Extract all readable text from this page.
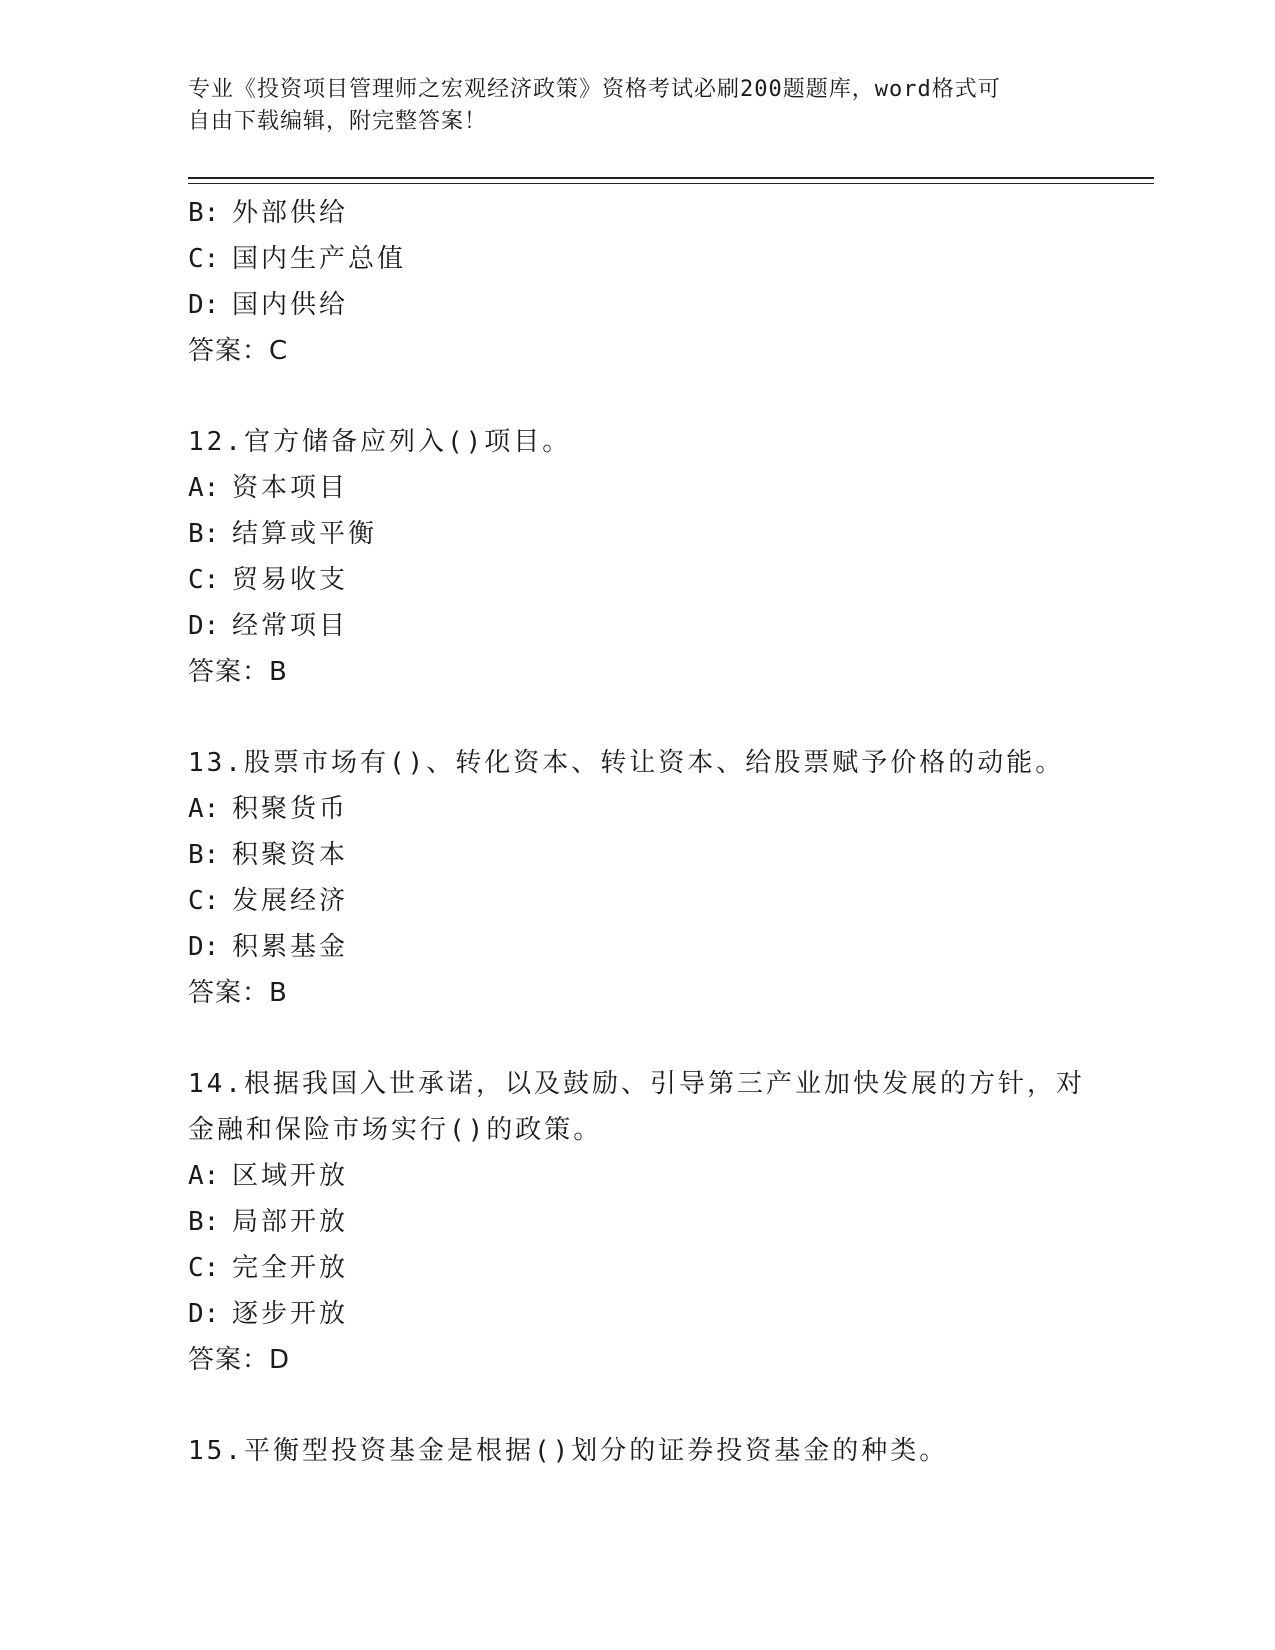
专业《投资项目管理师之宏观经济政策》资格考试必刷200题题库，word格式可
自由下载编辑，附完整答案！
B: 外部供给
C: 国内生产总值
D: 国内供给
答案：C
12.官方储备应列入()项目。
A: 资本项目
B: 结算或平衡
C: 贸易收支
D: 经常项目
答案：B
13.股票市场有()、转化资本、转让资本、给股票赋予价格的动能。
A: 积聚货币
B: 积聚资本
C: 发展经济
D: 积累基金
答案：B
14.根据我国入世承诺，以及鼓励、引导第三产业加快发展的方针，对
金融和保险市场实行()的政策。
A: 区域开放
B: 局部开放
C: 完全开放
D: 逐步开放
答案：D
15.平衡型投资基金是根据()划分的证券投资基金的种类。
